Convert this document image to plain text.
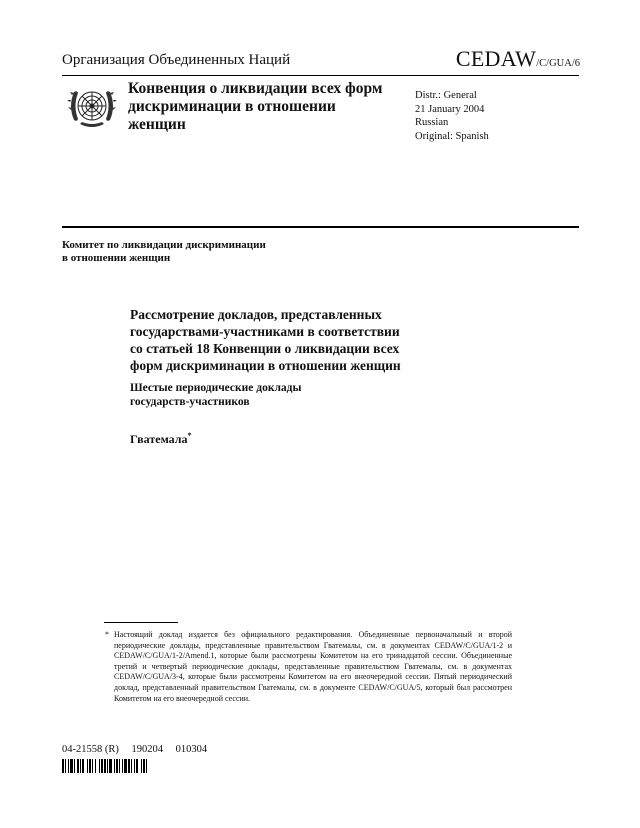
Организация Объединенных Наций	CEDAW/C/GUA/6
Конвенция о ликвидации всех форм дискриминации в отношении женщин
Distr.: General
21 January 2004
Russian
Original: Spanish
Комитет по ликвидации дискриминации
в отношении женщин
Рассмотрение докладов, представленных
государствами-участниками в соответствии
со статьей 18 Конвенции о ликвидации всех
форм дискриминации в отношении женщин
Шестые периодические доклады
государств-участников
Гватемала*
* Настоящий доклад издается без официального редактирования. Объединенные первоначальный и второй периодические доклады, представленные правительством Гватемалы, см. в документах CEDAW/C/GUA/1-2 и CEDAW/C/GUA/1-2/Amend.1, которые были рассмотрены Комитетом на его тринадцатой сессии. Объединенные третий и четвертый периодические доклады, представленные правительством Гватемалы, см. в документах CEDAW/C/GUA/3-4, которые были рассмотрены Комитетом на его внеочередной сессии. Пятый периодический доклад, представленный правительством Гватемалы, см. в документе CEDAW/C/GUA/5, который был рассмотрен Комитетом на его внеочередной сессии.
04-21558 (R) 190204 010304
